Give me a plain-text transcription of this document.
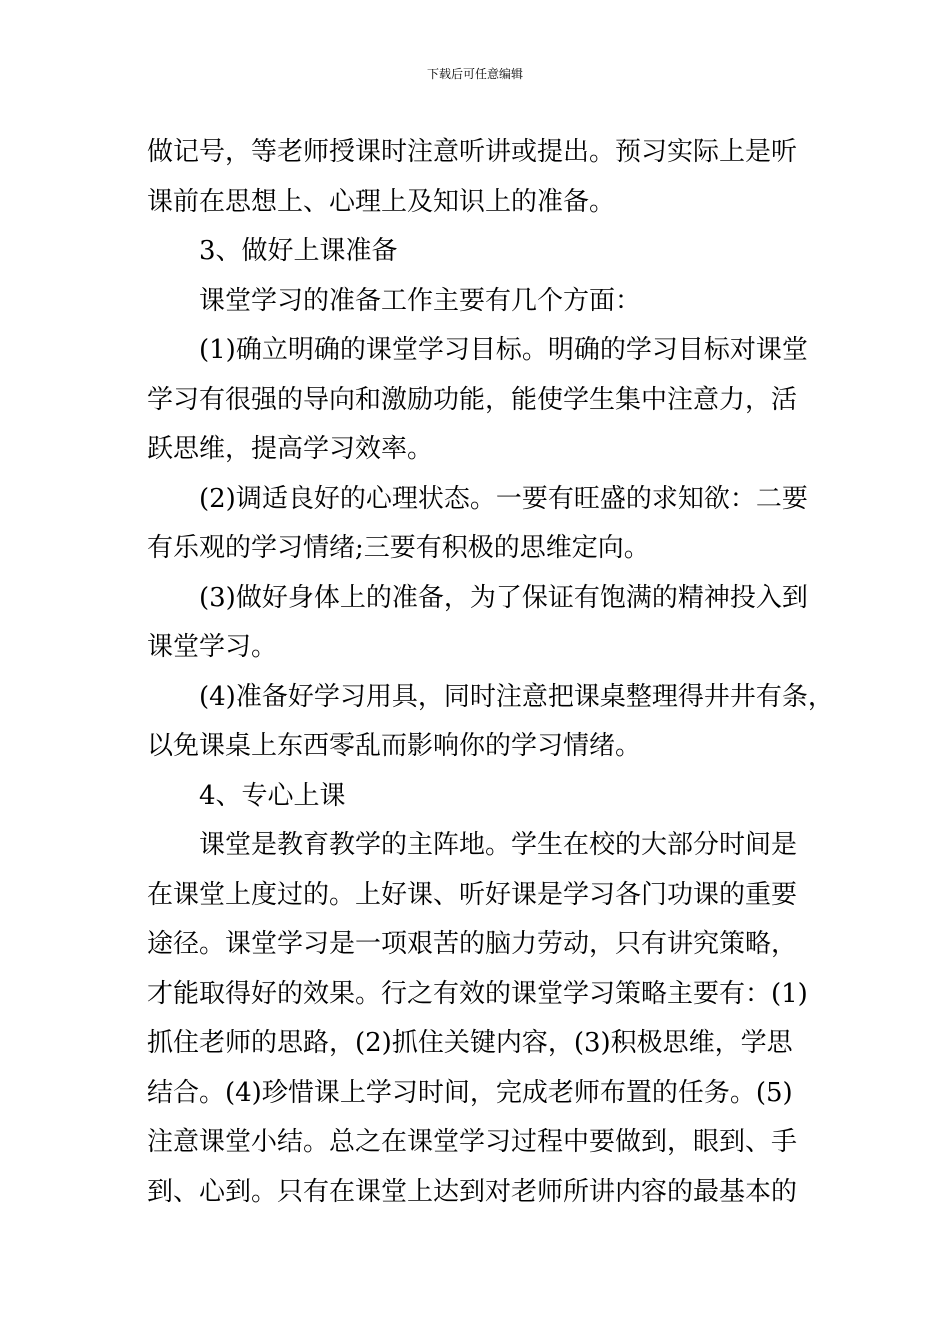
下载后可任意编辑
做记号，等老师授课时注意听讲或提出。预习实际上是听
课前在思想上、心理上及知识上的准备。
3、做好上课准备
课堂学习的准备工作主要有几个方面：
(1)确立明确的课堂学习目标。明确的学习目标对课堂
学习有很强的导向和激励功能，能使学生集中注意力，活
跃思维，提高学习效率。
(2)调适良好的心理状态。一要有旺盛的求知欲：二要
有乐观的学习情绪;三要有积极的思维定向。
(3)做好身体上的准备，为了保证有饱满的精神投入到
课堂学习。
(4)准备好学习用具，同时注意把课桌整理得井井有条，
以免课桌上东西零乱而影响你的学习情绪。
4、专心上课
课堂是教育教学的主阵地。学生在校的大部分时间是
在课堂上度过的。上好课、听好课是学习各门功课的重要
途径。课堂学习是一项艰苦的脑力劳动，只有讲究策略，
才能取得好的效果。行之有效的课堂学习策略主要有：(1)
抓住老师的思路，(2)抓住关键内容，(3)积极思维，学思
结合。(4)珍惜课上学习时间，完成老师布置的任务。(5)
注意课堂小结。总之在课堂学习过程中要做到，眼到、手
到、心到。只有在课堂上达到对老师所讲内容的最基本的
